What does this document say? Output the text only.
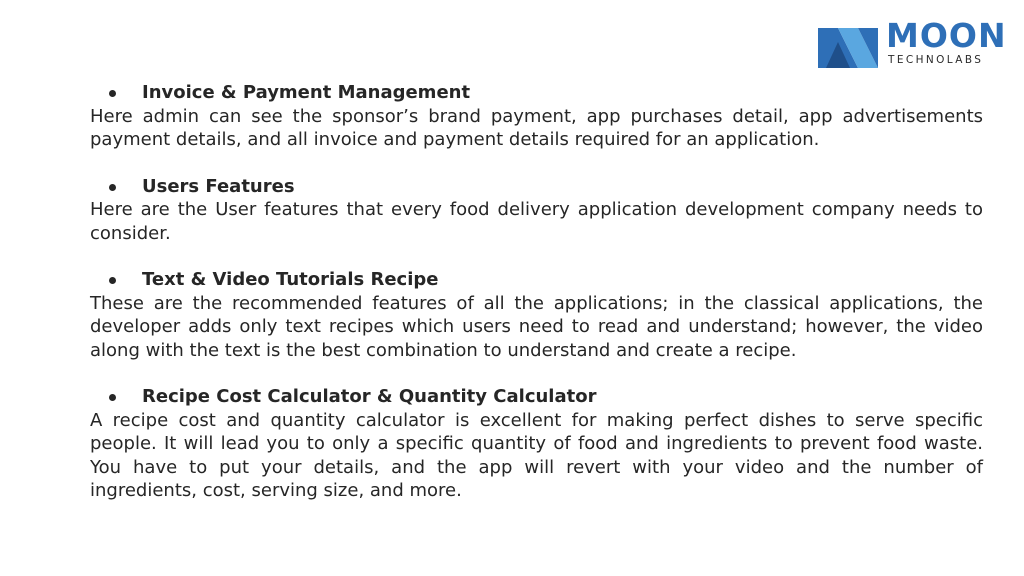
MOON
TECHNOLABS
Invoice & Payment Management
Here admin can see the sponsor’s brand payment, app purchases detail, app advertisements payment details, and all invoice and payment details required for an application.
Users Features
Here are the User features that every food delivery application development company needs to consider.
Text & Video Tutorials Recipe
These are the recommended features of all the applications; in the classical applications, the developer adds only text recipes which users need to read and understand; however, the video along with the text is the best combination to understand and create a recipe.
Recipe Cost Calculator & Quantity Calculator
A recipe cost and quantity calculator is excellent for making perfect dishes to serve specific people. It will lead you to only a specific quantity of food and ingredients to prevent food waste. You have to put your details, and the app will revert with your video and the number of ingredients, cost, serving size, and more.
